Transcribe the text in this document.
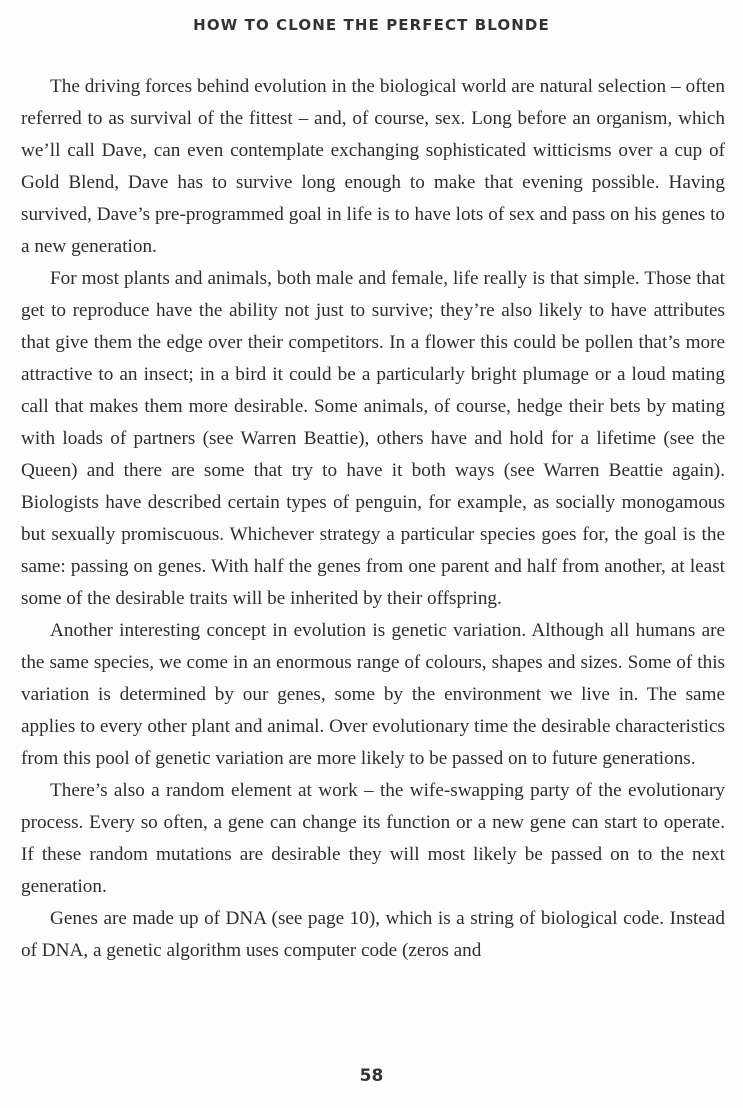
HOW TO CLONE THE PERFECT BLONDE

The driving forces behind evolution in the biological world are natural selection – often referred to as survival of the fittest – and, of course, sex. Long before an organism, which we’ll call Dave, can even contemplate exchanging sophisticated witticisms over a cup of Gold Blend, Dave has to survive long enough to make that evening possible. Having survived, Dave’s pre-programmed goal in life is to have lots of sex and pass on his genes to a new generation.

For most plants and animals, both male and female, life really is that simple. Those that get to reproduce have the ability not just to survive; they’re also likely to have attributes that give them the edge over their competitors. In a flower this could be pollen that’s more attractive to an insect; in a bird it could be a particularly bright plumage or a loud mating call that makes them more desirable. Some animals, of course, hedge their bets by mating with loads of partners (see Warren Beattie), others have and hold for a lifetime (see the Queen) and there are some that try to have it both ways (see Warren Beattie again). Biologists have described certain types of penguin, for example, as socially monogamous but sexually promiscuous. Whichever strategy a particular species goes for, the goal is the same: passing on genes. With half the genes from one parent and half from another, at least some of the desirable traits will be inherited by their offspring.

Another interesting concept in evolution is genetic variation. Although all humans are the same species, we come in an enormous range of colours, shapes and sizes. Some of this variation is determined by our genes, some by the environment we live in. The same applies to every other plant and animal. Over evolutionary time the desirable characteristics from this pool of genetic variation are more likely to be passed on to future generations.

There’s also a random element at work – the wife-swapping party of the evolutionary process. Every so often, a gene can change its function or a new gene can start to operate. If these random mutations are desirable they will most likely be passed on to the next generation.

Genes are made up of DNA (see page 10), which is a string of biological code. Instead of DNA, a genetic algorithm uses computer code (zeros and

58
